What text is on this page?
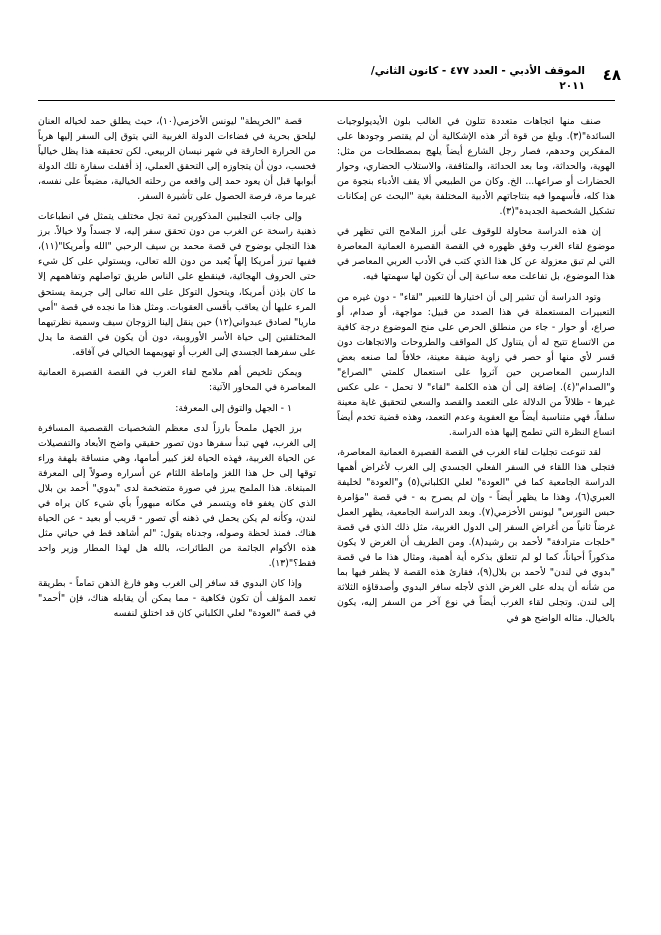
٤٨
الموقف الأدبي - العدد ٤٧٧ - كانون الثاني/
٢٠١١

صنف منها اتجاهات متعددة تتلون في الغالب بلون الأيديولوجيات السائدة"(٣). وبلغ من قوة أثر هذه الإشكالية أن لم يقتصر وجودها على المفكرين وحدهم، فصار رجل الشارع أيضاً يلهج بمصطلحات من مثل: الهوية، والحداثة، وما بعد الحداثة، والمثاقفة، والاستلاب الحضاري، وحوار الحضارات أو صراعها... الخ. وكان من الطبيعي ألا يقف الأدباء بنجوة من هذا كله، فأسهموا فيه بنتاجاتهم الأدبية المختلفة بغية "البحث عن إمكانات تشكيل الشخصية الجديدة"(٣).

إن هذه الدراسة محاولة للوقوف على أبرز الملامح التي تظهر في موضوع لقاء الغرب وفق ظهوره في القصة القصيرة العمانية المعاصرة التي لم تبق معزولة عن كل هذا الذي كتب في الأدب العربي المعاصر في هذا الموضوع، بل تفاعلت معه ساعية إلى أن تكون لها سهمتها فيه.

وتود الدراسة أن تشير إلى أن اختيارها للتعبير "لقاء" - دون غيره من التعبيرات المستعملة في هذا الصدد من قبيل: مواجهة، أو صدام، أو صراع، أو حوار - جاء من منطلق الحرص على منح الموضوع درجة كافية من الاتساع تتيح له أن يتناول كل المواقف والطروحات والاتجاهات دون قسر لأي منها أو حصر في زاوية ضيقة معينة، خلافاً لما صنعه بعض الدارسين المعاصرين حين آثروا على استعمال كلمتي "الصراع" و"الصدام"(٤). إضافة إلى أن هذه الكلمة "لقاء" لا تحمل - على عكس غيرها - ظلالاً من الدلالة على التعمد والقصد والسعي لتحقيق غاية معينة سلفاً، فهي متناسبة أيضاً مع العفوية وعدم التعمد، وهذه قضية تخدم أيضاً اتساع النظرة التي تطمح إليها هذه الدراسة.

لقد تنوعت تجليات لقاء الغرب في القصة القصيرة العمانية المعاصرة، فتجلى هذا اللقاء في السفر الفعلي الجسدي إلى الغرب لأغراض أهمها الدراسة الجامعية كما في "العودة" لعلي الكلباني(٥) و"العودة" لخليفة العبري(٦)، وهذا ما يظهر أيضاً - وإن لم يصرح به - في قصة "مؤامرة حبس النورس" ليونس الأخزمي(٧). وبعد الدراسة الجامعية، يظهر العمل غرضاً ثانياً من أغراض السفر إلى الدول الغربية، مثل ذلك الذي في قصة "خلجات مترادفة" لأحمد بن رشيد(٨). ومن الطريف أن الغرض لا يكون مذكوراً أحياناً، كما لو لم تتعلق بذكره أية أهمية، ومثال هذا ما في قصة "بدوي في لندن" لأحمد بن بلال(٩)، فقارئ هذه القصة لا يظفر فيها بما من شأنه أن يدله على الغرض الذي لأجله سافر البدوي وأصدقاؤه الثلاثة إلى لندن. وتجلى لقاء الغرب أيضاً في نوع آخر من السفر إليه، يكون بالخيال. مثاله الواضح هو في

قصة "الخريطة" ليونس الأخزمي(١٠)، حيث يطلق حمد لخياله العنان ليلحق بحرية في فضاءات الدولة الغربية التي يتوق إلى السفر إليها هرباً من الحرارة الحارقة في شهر نيسان الربيعي. لكن تحقيقه هذا يظل خيالياً فحسب، دون أن يتجاوزه إلى التحقق العملي، إذ أقفلت سفارة تلك الدولة أبوابها قبل أن يعود حمد إلى واقعه من رحلته الخيالية، مضيعاً على نفسه، غيرما مرة، فرصة الحصول على تأشيرة السفر.

وإلى جانب التجليين المذكورين ثمة تجل مختلف يتمثل في انطباعات ذهنية راسخة عن الغرب من دون تحقق سفر إليه، لا جسداً ولا خيالاً. برز هذا التجلي بوضوح في قصة محمد بن سيف الرحبي "الله وأمريكا"(١١)، ففيها تبرز أمريكا إلهاً يُعبد من دون الله تعالى، ويستولي على كل شيء حتى الحروف الهجائية، فينقطع على الناس طريق تواصلهم وتفاهمهم إلا ما كان بإذن أمريكا، ويتحول التوكل على الله تعالى إلى جريمة يستحق المرء عليها أن يعاقب بأقسى العقوبات. ومثل هذا ما نجده في قصة "أمي ماريا" لصادق عبدواني(١٢) حين ينقل إلينا الزوجان سيف وسمية نظرتيهما المختلفتين إلى حياة الأسر الأوروبية، دون أن يكون في القصة ما يدل على سفرهما الجسدي إلى الغرب أو تهويمهما الخيالي في آفاقه.

ويمكن تلخيص أهم ملامح لقاء الغرب في القصة القصيرة العمانية المعاصرة في المحاور الآتية:

١ - الجهل والتوق إلى المعرفة:

برز الجهل ملمحاً بارزاً لدى معظم الشخصيات القصصية المسافرة إلى الغرب، فهي تبدأ سفرها دون تصور حقيقي واضح الأبعاد والتفصيلات عن الحياة الغربية، فهذه الحياة لغز كبير أمامها، وهي منساقة بلهفة وراء توقها إلى حل هذا اللغز وإماطة اللثام عن أسراره وصولاً إلى المعرفة المبتغاة. هذا الملمح يبرز في صورة متضخمة لدى "بدوي" أحمد بن بلال الذي كان يغفو فاه ويتسمر في مكانه مبهوراً بأي شيء كان يراه في لندن، وكأنه لم يكن يحمل في ذهنه أي تصور - قريب أو بعيد - عن الحياة هناك. فمنذ لحظة وصوله، وجدناه يقول: "لم أشاهد قط في حياتي مثل هذه الأكوام الجاثمة من الطائرات، بالله هل لهذا المطار وزير واحد فقط؟"(١٣).

وإذا كان البدوي قد سافر إلى الغرب وهو فارغ الذهن تماماً - بطريقة تعمد المؤلف أن تكون فكاهية - مما يمكن أن يقابله هناك، فإن "أحمد" في قصة "العودة" لعلي الكلباني كان قد اختلق لنفسه
